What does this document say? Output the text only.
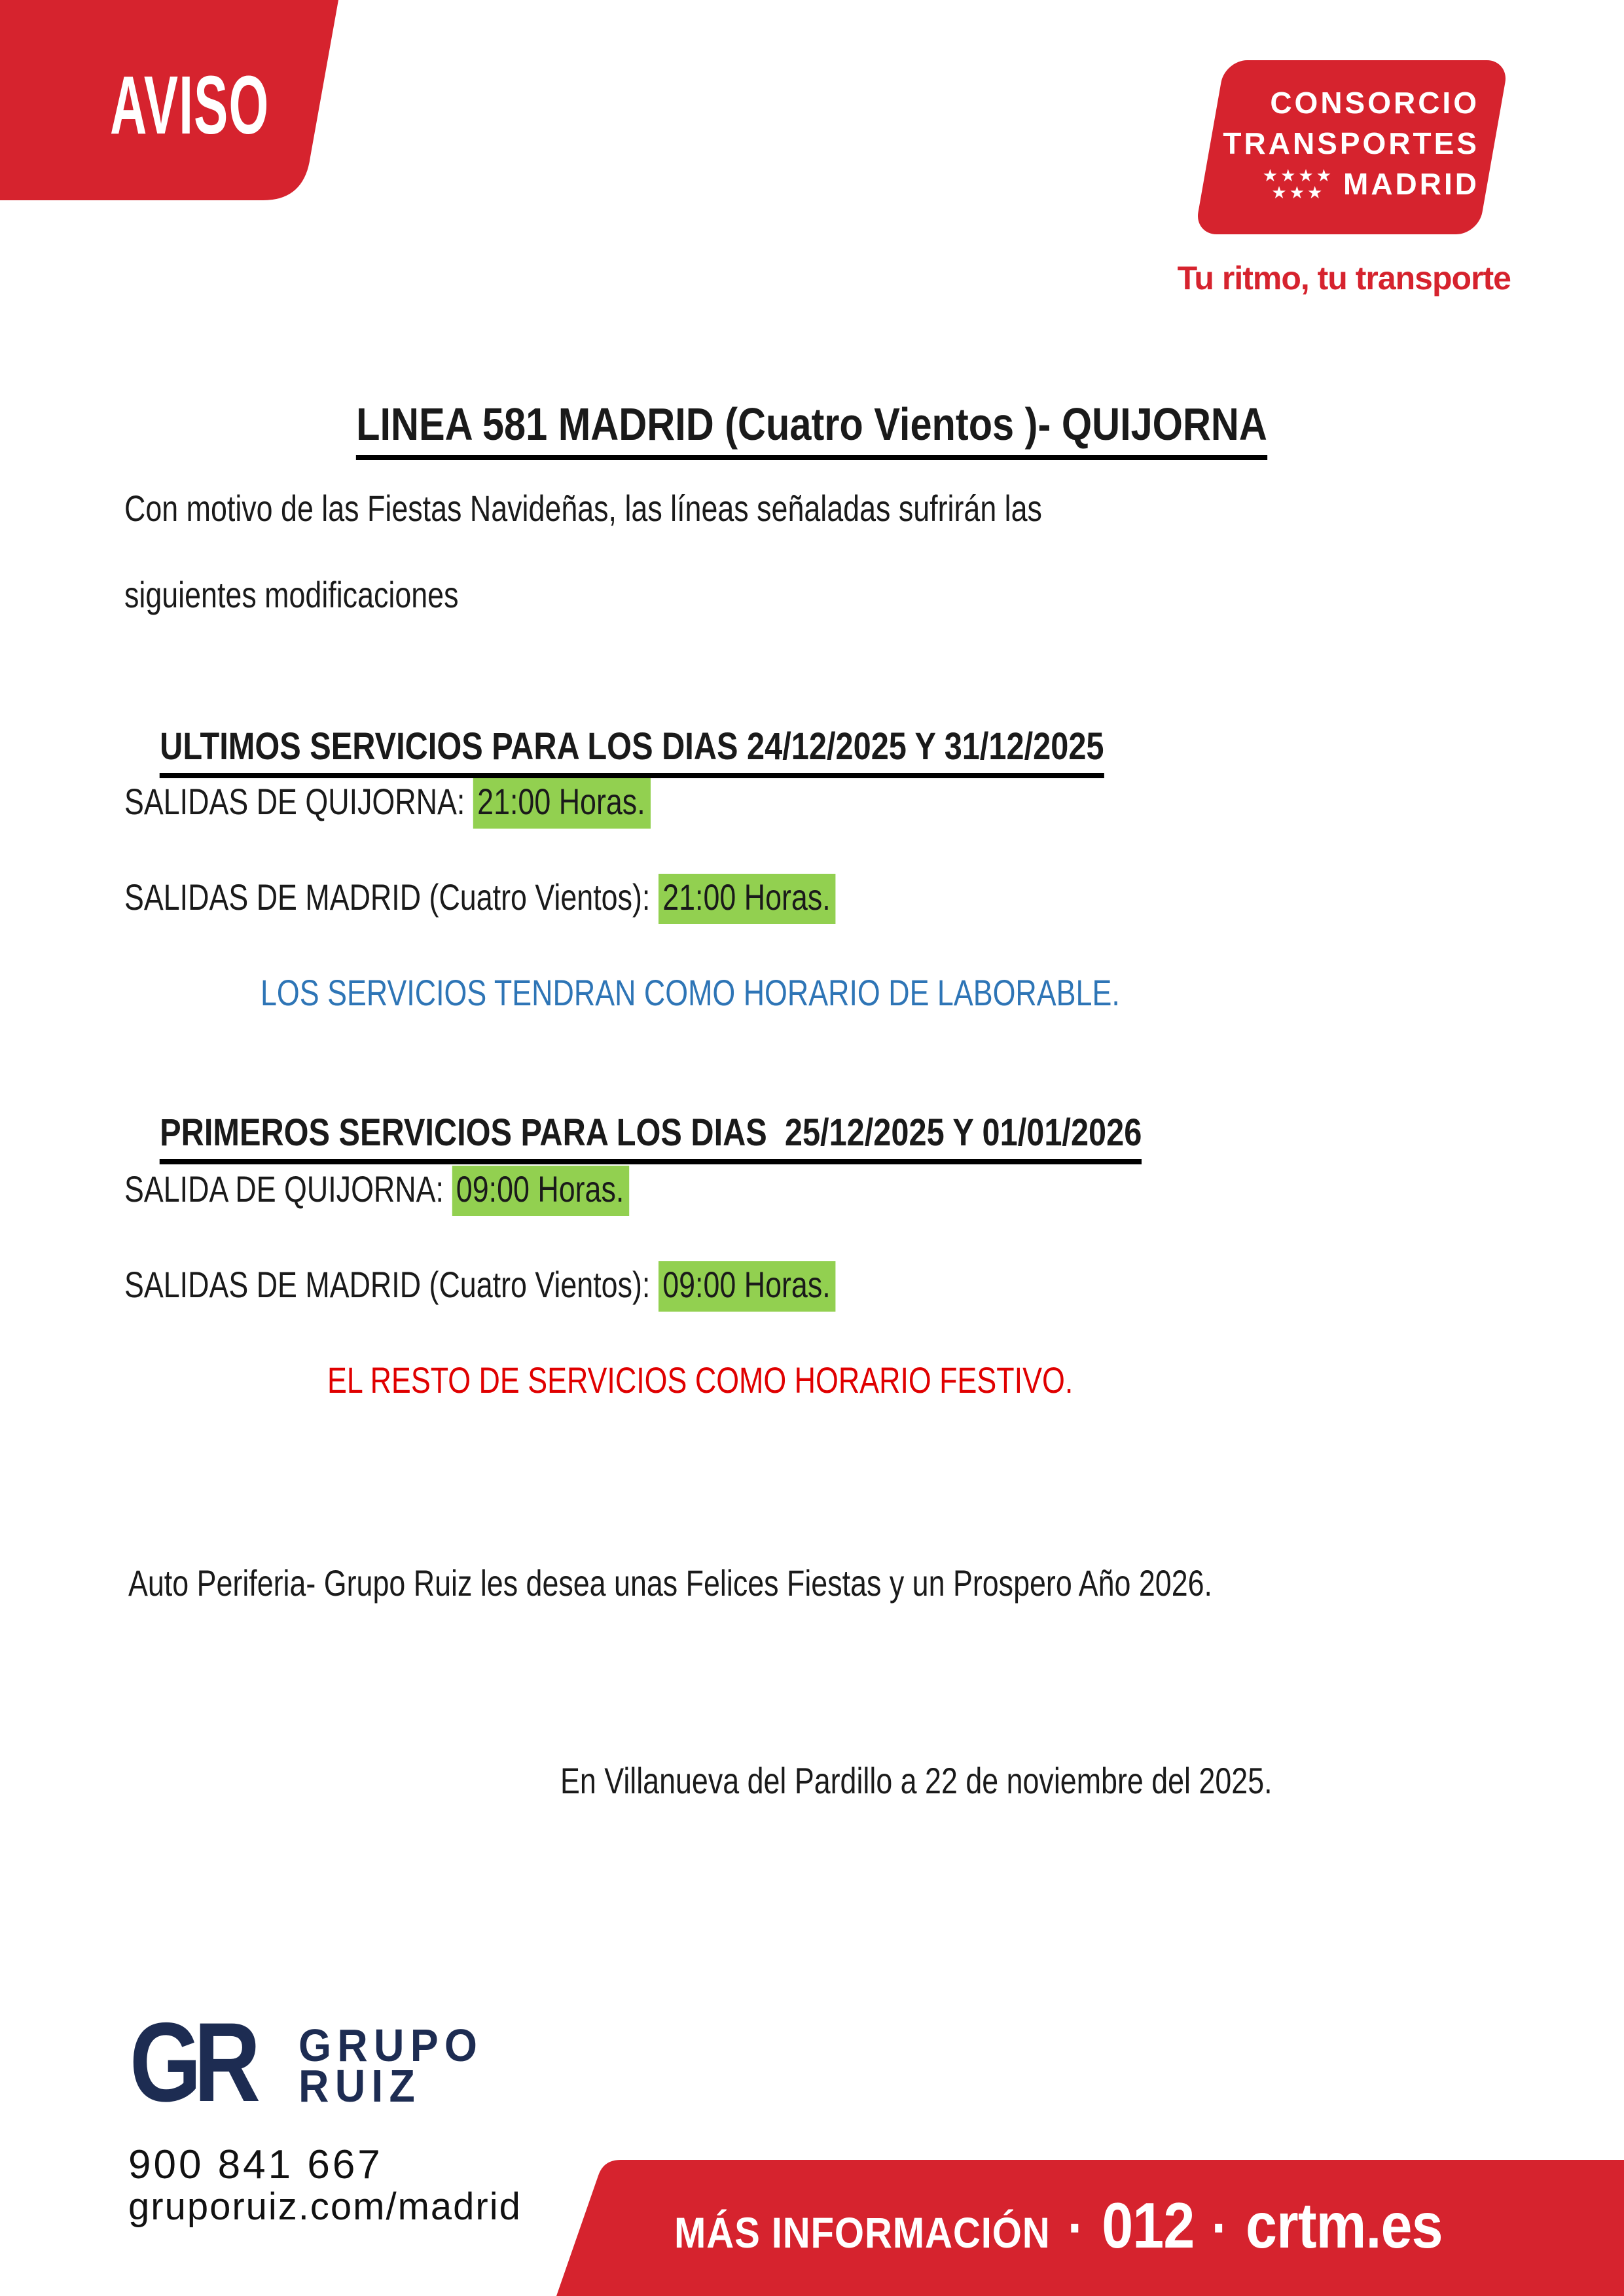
AVISO	CONSORCIO
TRANSPORTES
★★★★
★★★ MADRID
Tu ritmo, tu transporte
LINEA 581 MADRID (Cuatro Vientos )- QUIJORNA
Con motivo de las Fiestas Navideñas, las líneas señaladas sufrirán las
siguientes modificaciones

ULTIMOS SERVICIOS PARA LOS DIAS 24/12/2025 Y 31/12/2025

SALIDAS DE QUIJORNA: 21:00 Horas.
SALIDAS DE MADRID (Cuatro Vientos): 21:00 Horas.
LOS SERVICIOS TENDRAN COMO HORARIO DE LABORABLE.

PRIMEROS SERVICIOS PARA LOS DIAS  25/12/2025 Y 01/01/2026

SALIDA DE QUIJORNA: 09:00 Horas.
SALIDAS DE MADRID (Cuatro Vientos): 09:00 Horas.
EL RESTO DE SERVICIOS COMO HORARIO FESTIVO.
Auto Periferia- Grupo Ruiz les desea unas Felices Fiestas y un Prospero Año 2026.
En Villanueva del Pardillo a 22 de noviembre del 2025.
GR GRUPO
RUIZ
900 841 667
gruporuiz.com/madrid
MÁS INFORMACIÓN · 012 · crtm.es
